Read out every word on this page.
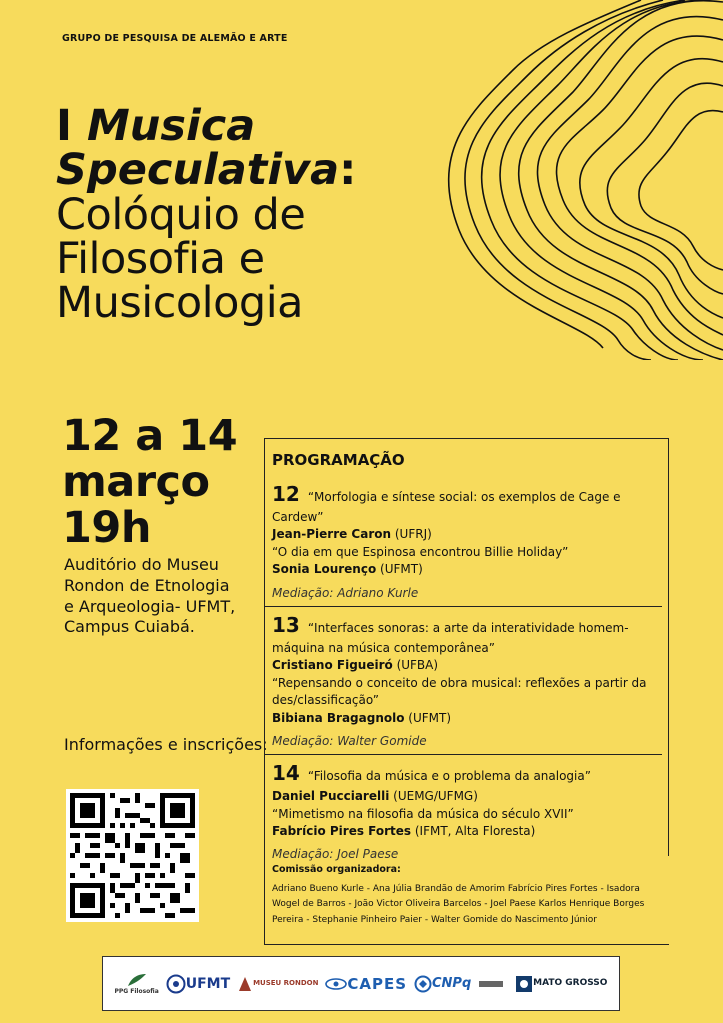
GRUPO DE PESQUISA DE ALEMÃO E ARTE
I Musica
Speculativa:
Colóquio de
Filosofia e
Musicologia
12 a 14
março
19h
Auditório do Museu Rondon de Etnologia e Arqueologia- UFMT, Campus Cuiabá.
Informações e inscrições:
PROGRAMAÇÃO
12 “Morfologia e síntese social: os exemplos de Cage e Cardew”
Jean-Pierre Caron (UFRJ)
“O dia em que Espinosa encontrou Billie Holiday”
Sonia Lourenço (UFMT)
Mediação: Adriano Kurle
13 “Interfaces sonoras: a arte da interatividade homem-máquina na música contemporânea”
Cristiano Figueiró (UFBA)
“Repensando o conceito de obra musical: reflexões a partir da des/classificação”
Bibiana Bragagnolo (UFMT)
Mediação: Walter Gomide
14 “Filosofia da música e o problema da analogia”
Daniel Pucciarelli (UEMG/UFMG)
“Mimetismo na filosofia da música do século XVII”
Fabrício Pires Fortes (IFMT, Alta Floresta)
Mediação: Joel Paese
Comissão organizadora:
Adriano Bueno Kurle - Ana Júlia Brandão de Amorim Fabrício Pires Fortes - Isadora Wogel de Barros - João Victor Oliveira Barcelos - Joel Paese Karlos Henrique Borges Pereira - Stephanie Pinheiro Paier - Walter Gomide do Nascimento Júnior
PPG Filosofia UFMT	MUSEU RONDON CAPES CNPq	MATO GROSSO
